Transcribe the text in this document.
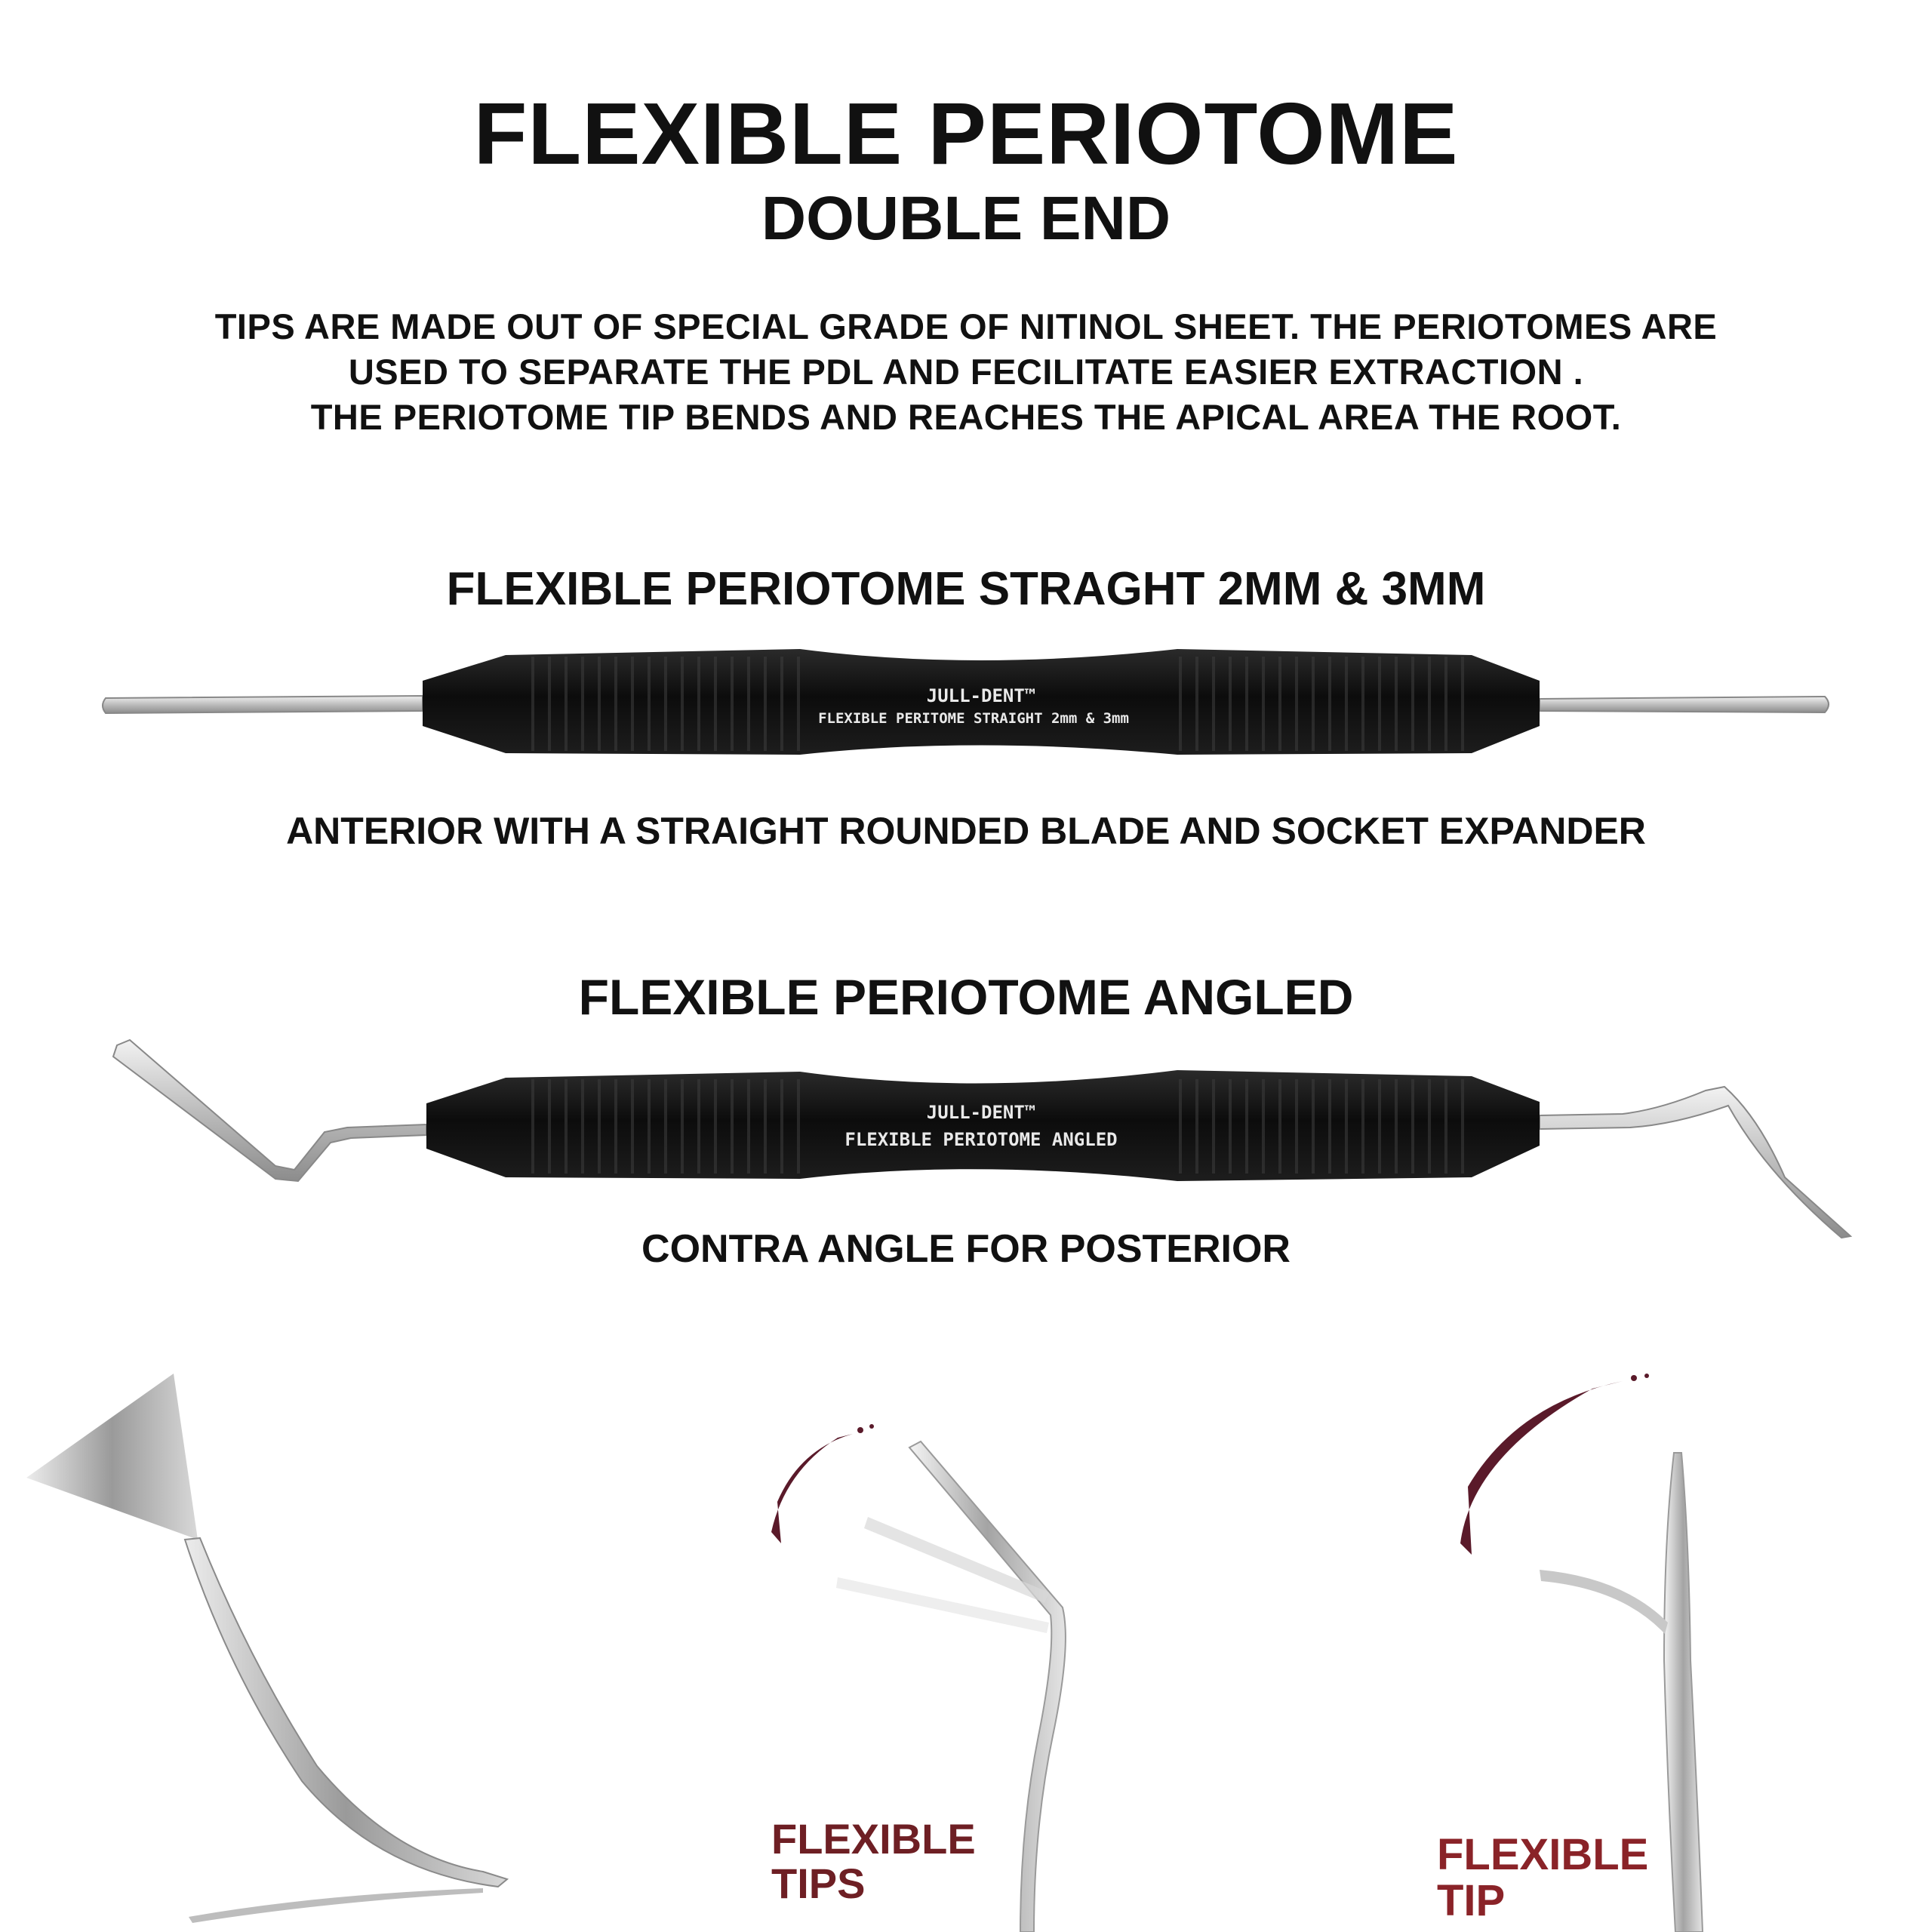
FLEXIBLE PERIOTOME
DOUBLE END
TIPS ARE MADE OUT OF SPECIAL GRADE OF NITINOL SHEET. THE PERIOTOMES ARE
USED TO SEPARATE THE PDL AND FECILITATE EASIER EXTRACTION .
THE PERIOTOME TIP BENDS AND REACHES THE APICAL AREA THE ROOT.
FLEXIBLE PERIOTOME STRAGHT 2MM & 3MM
JULL-DENT™
FLEXIBLE PERITOME STRAIGHT 2mm & 3mm
ANTERIOR WITH A STRAIGHT ROUNDED BLADE AND SOCKET EXPANDER
FLEXIBLE PERIOTOME ANGLED
JULL-DENT™
FLEXIBLE PERIOTOME ANGLED
CONTRA ANGLE FOR POSTERIOR
FLEXIBLE
TIPS
FLEXIBLE
TIP
